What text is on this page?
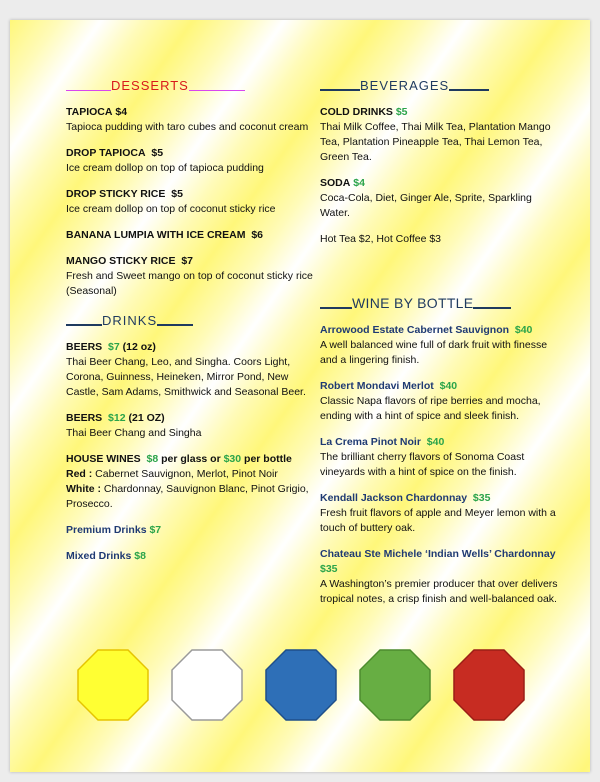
DESSERTS
TAPIOCA $4
Tapioca pudding with taro cubes and coconut cream
DROP TAPIOCA $5
Ice cream dollop on top of tapioca pudding
DROP STICKY RICE $5
Ice cream dollop on top of coconut sticky rice
BANANA LUMPIA WITH ICE CREAM $6
MANGO STICKY RICE $7
Fresh and Sweet mango on top of coconut sticky rice (Seasonal)
DRINKS
BEERS $7 (12 oz)
Thai Beer Chang, Leo, and Singha. Coors Light, Corona, Guinness, Heineken, Mirror Pond, New Castle, Sam Adams, Smithwick and Seasonal Beer.
BEERS $12 (21 OZ)
Thai Beer Chang and Singha
HOUSE WINES $8 per glass or $30 per bottle
Red : Cabernet Sauvignon, Merlot, Pinot Noir
White : Chardonnay, Sauvignon Blanc, Pinot Grigio, Prosecco.
Premium Drinks $7
Mixed Drinks $8
BEVERAGES
COLD DRINKS $5
Thai Milk Coffee, Thai Milk Tea, Plantation Mango Tea, Plantation Pineapple Tea, Thai Lemon Tea, Green Tea.
SODA $4
Coca-Cola, Diet, Ginger Ale, Sprite, Sparkling Water.
Hot Tea $2, Hot Coffee $3
WINE BY BOTTLE
Arrowood Estate Cabernet Sauvignon $40
A well balanced wine full of dark fruit with finesse and a lingering finish.
Robert Mondavi Merlot $40
Classic Napa flavors of ripe berries and mocha, ending with a hint of spice and sleek finish.
La Crema Pinot Noir $40
The brilliant cherry flavors of Sonoma Coast vineyards with a hint of spice on the finish.
Kendall Jackson Chardonnay $35
Fresh fruit flavors of apple and Meyer lemon with a touch of buttery oak.
Chateau Ste Michele ‘Indian Wells’ Chardonnay  $35
A Washington’s premier producer that over delivers tropical notes, a crisp finish and well-balanced oak.
